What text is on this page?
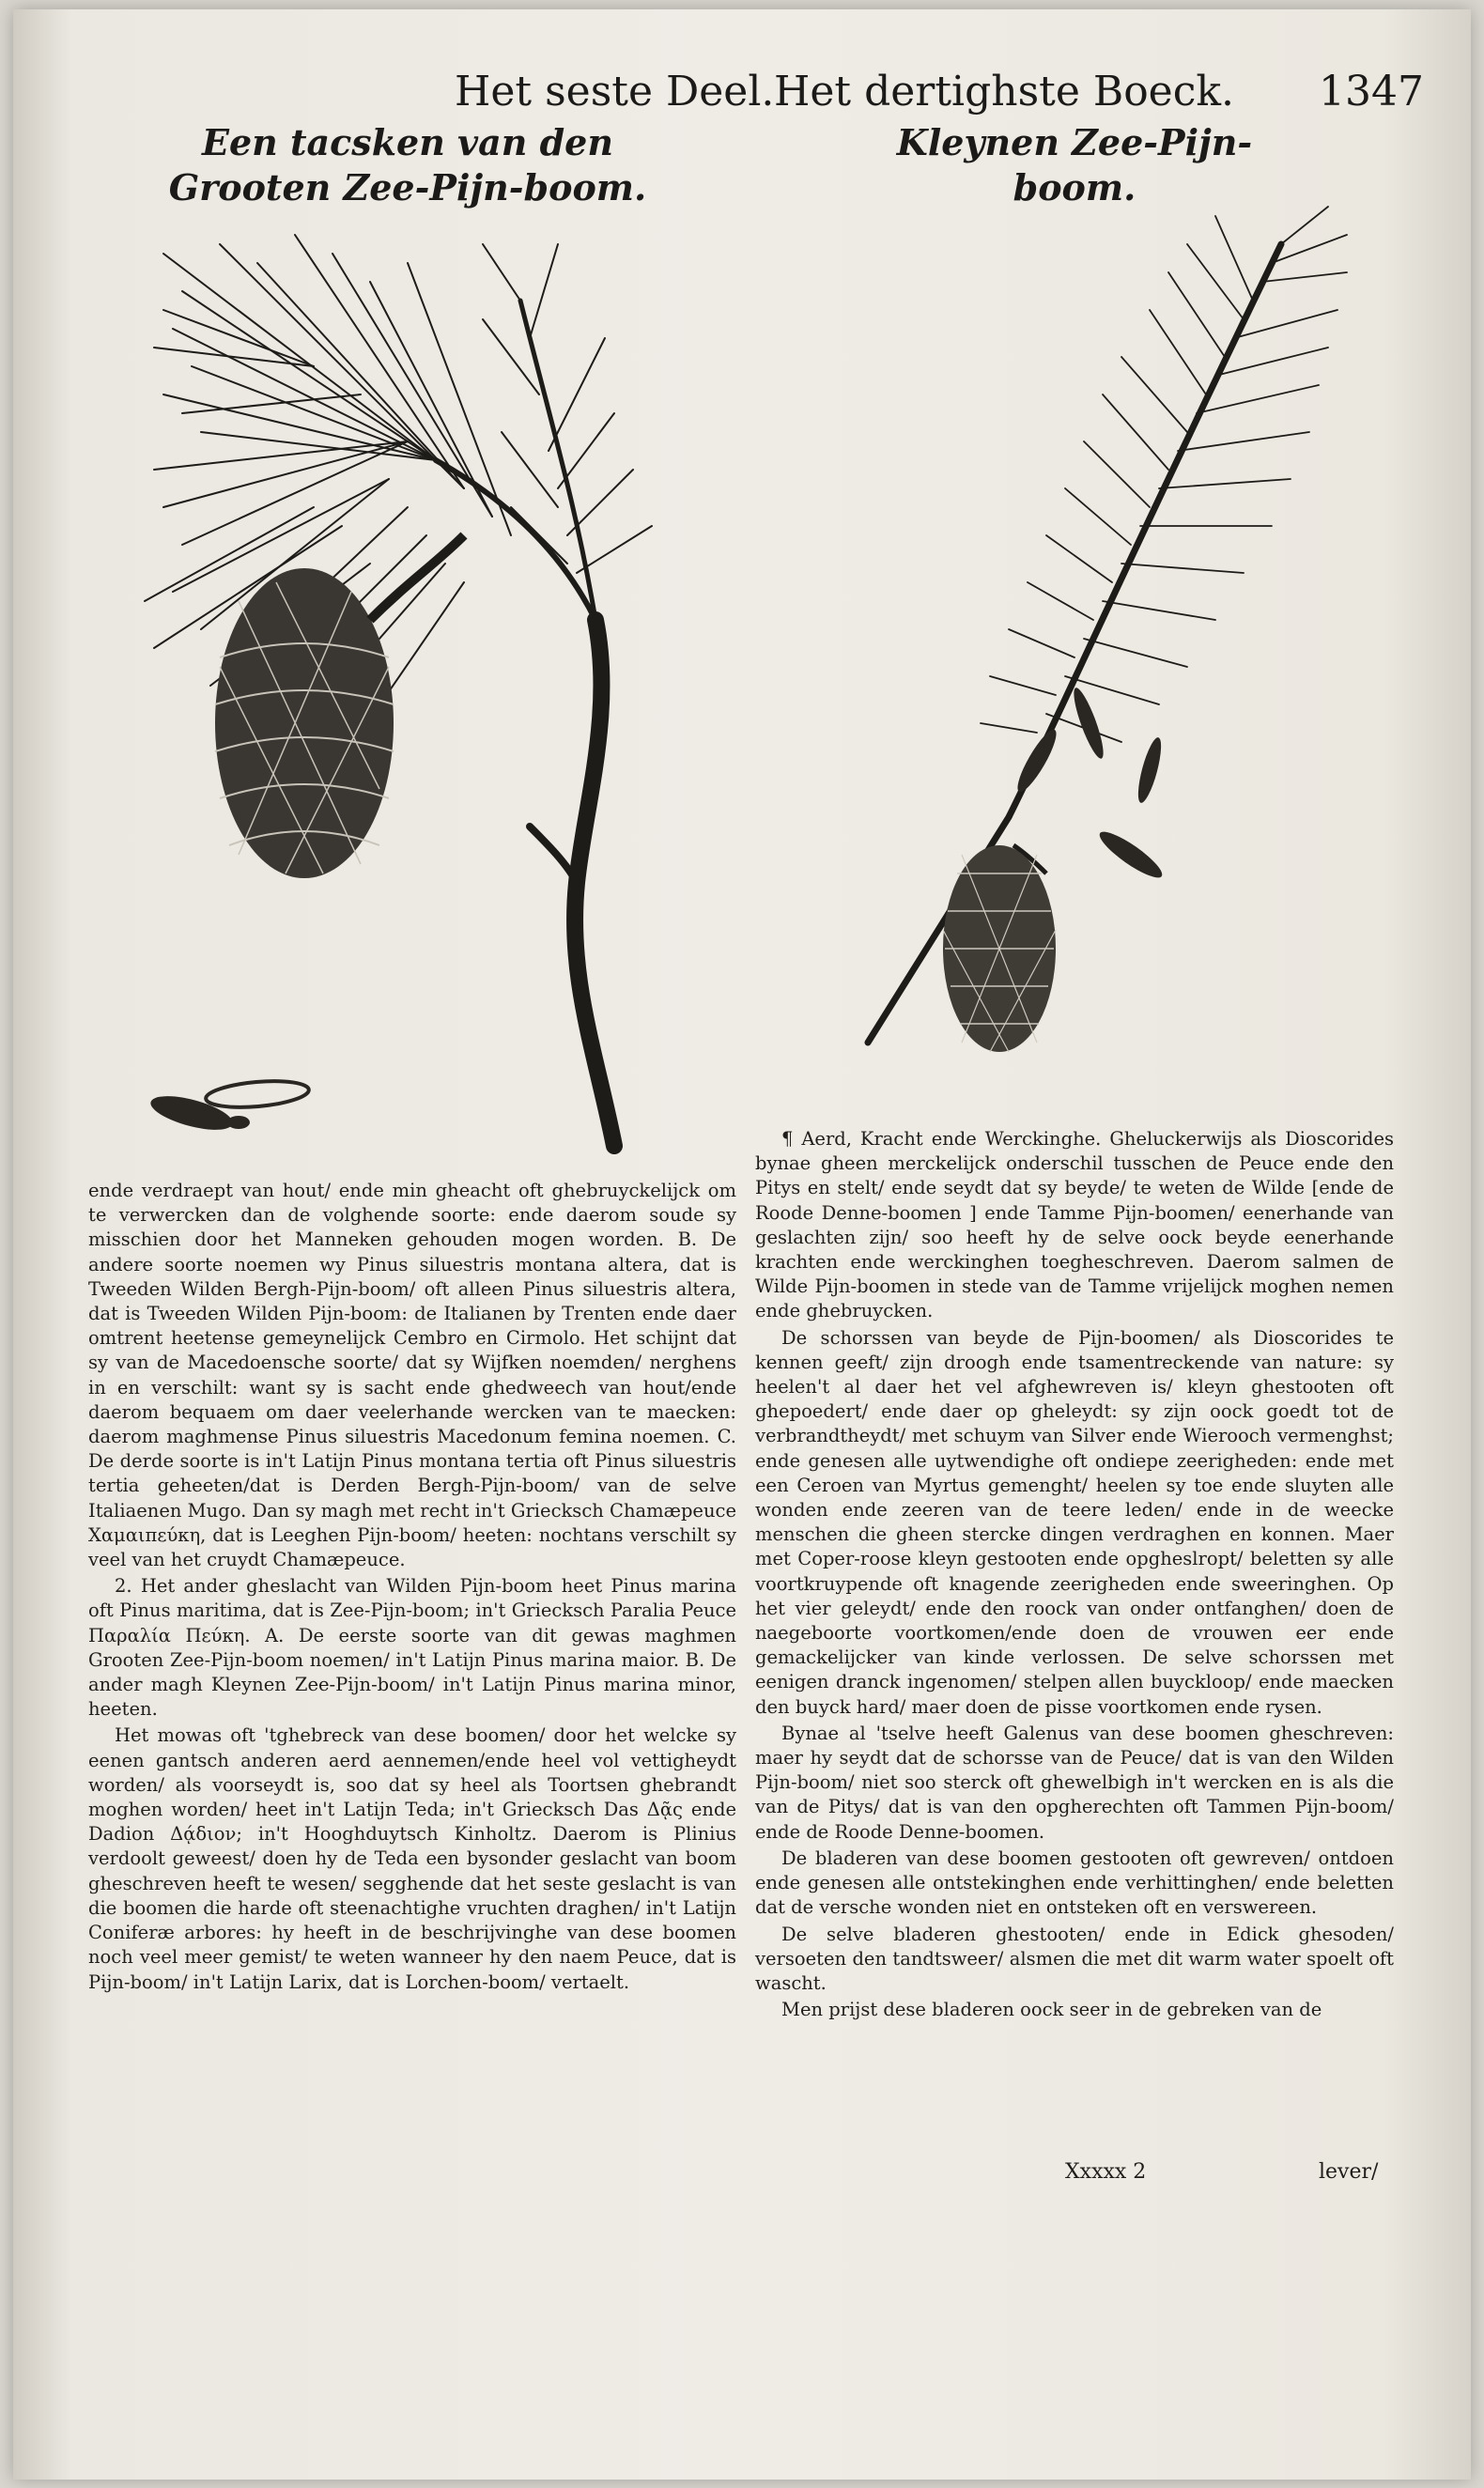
Het seste Deel. Het dertighste Boeck. 1347
Een tacsken van den Grooten Zee-Pijn-boom.
Kleynen Zee-Pijn-boom.

ende verdraept van hout/ ende min gheacht oft ghebruyckelijck om te verwercken dan de volghende soorte: ende daerom soude sy misschien door het Manneken gehouden mogen worden. B. De andere soorte noemen wy Pinus siluestris montana altera, dat is Tweeden Wilden Bergh-Pijn-boom/ oft alleen Pinus siluestris altera, dat is Tweeden Wilden Pijn-boom: de Italianen by Trenten ende daer omtrent heetense gemeynelijck Cembro en Cirmolo. Het schijnt dat sy van de Macedoensche soorte/ dat sy Wijfken noemden/ nerghens in en verschilt: want sy is sacht ende ghedweech van hout/ende daerom bequaem om daer veelerhande wercken van te maecken: daerom maghmense Pinus siluestris Macedonum femina noemen. C. De derde soorte is in't Latijn Pinus montana tertia oft Pinus siluestris tertia geheeten/dat is Derden Bergh-Pijn-boom/ van de selve Italiaenen Mugo. Dan sy magh met recht in't Griecksch Chamæpeuce Χαμαιπεύκη, dat is Leeghen Pijn-boom/ heeten: nochtans verschilt sy veel van het cruydt Chamæpeuce.

2. Het ander gheslacht van Wilden Pijn-boom heet Pinus marina oft Pinus maritima, dat is Zee-Pijn-boom; in't Griecksch Paralia Peuce Παραλία Πεύκη. A. De eerste soorte van dit gewas maghmen Grooten Zee-Pijn-boom noemen/ in't Latijn Pinus marina maior. B. De ander magh Kleynen Zee-Pijn-boom/ in't Latijn Pinus marina minor, heeten.

Het mowas oft 'tghebreck van dese boomen/ door het welcke sy eenen gantsch anderen aerd aennemen/ende heel vol vettigheydt worden/ als voorseydt is, soo dat sy heel als Toortsen ghebrandt moghen worden/ heet in't Latijn Teda; in't Griecksch Das Δᾷς ende Dadion Δᾴδιον; in't Hooghduytsch Kinholtz. Daerom is Plinius verdoolt geweest/ doen hy de Teda een bysonder geslacht van boom gheschreven heeft te wesen/ segghende dat het seste geslacht is van die boomen die harde oft steenachtighe vruchten draghen/ in't Latijn Coniferæ arbores: hy heeft in de beschrijvinghe van dese boomen noch veel meer gemist/ te weten wanneer hy den naem Peuce, dat is Pijn-boom/ in't Latijn Larix, dat is Lorchen-boom/ vertaelt.

¶ Aerd, Kracht ende Werckinghe. Gheluckerwijs als Dioscorides bynae gheen merckelijck onderschil tusschen de Peuce ende den Pitys en stelt/ ende seydt dat sy beyde/ te weten de Wilde [ende de Roode Denne-boomen ] ende Tamme Pijn-boomen/ eenerhande van geslachten zijn/ soo heeft hy de selve oock beyde eenerhande krachten ende werckinghen toegheschreven. Daerom salmen de Wilde Pijn-boomen in stede van de Tamme vrijelijck moghen nemen ende ghebruycken.

De schorssen van beyde de Pijn-boomen/ als Dioscorides te kennen geeft/ zijn droogh ende tsamentreckende van nature: sy heelen't al daer het vel afghewreven is/ kleyn ghestooten oft ghepoedert/ ende daer op gheleydt: sy zijn oock goedt tot de verbrandtheydt/ met schuym van Silver ende Wierooch vermenghst; ende genesen alle uytwendighe oft ondiepe zeerigheden: ende met een Ceroen van Myrtus gemenght/ heelen sy toe ende sluyten alle wonden ende zeeren van de teere leden/ ende in de weecke menschen die gheen stercke dingen verdraghen en konnen. Maer met Coper-roose kleyn gestooten ende opgheslropt/ beletten sy alle voortkruypende oft knagende zeerigheden ende sweeringhen. Op het vier geleydt/ ende den roock van onder ontfanghen/ doen de naegeboorte voortkomen/ende doen de vrouwen eer ende gemackelijcker van kinde verlossen. De selve schorssen met eenigen dranck ingenomen/ stelpen allen buyckloop/ ende maecken den buyck hard/ maer doen de pisse voortkomen ende rysen.

Bynae al 'tselve heeft Galenus van dese boomen gheschreven: maer hy seydt dat de schorsse van de Peuce/ dat is van den Wilden Pijn-boom/ niet soo sterck oft ghewelbigh in't wercken en is als die van de Pitys/ dat is van den opgherechten oft Tammen Pijn-boom/ ende de Roode Denne-boomen.

De bladeren van dese boomen gestooten oft gewreven/ ontdoen ende genesen alle ontstekinghen ende verhittinghen/ ende beletten dat de versche wonden niet en ontsteken oft en verswereen.

De selve bladeren ghestooten/ ende in Edick ghesoden/ versoeten den tandtsweer/ alsmen die met dit warm water spoelt oft wascht.

Men prijst dese bladeren oock seer in de gebreken van de

Xxxxx 2	lever/
